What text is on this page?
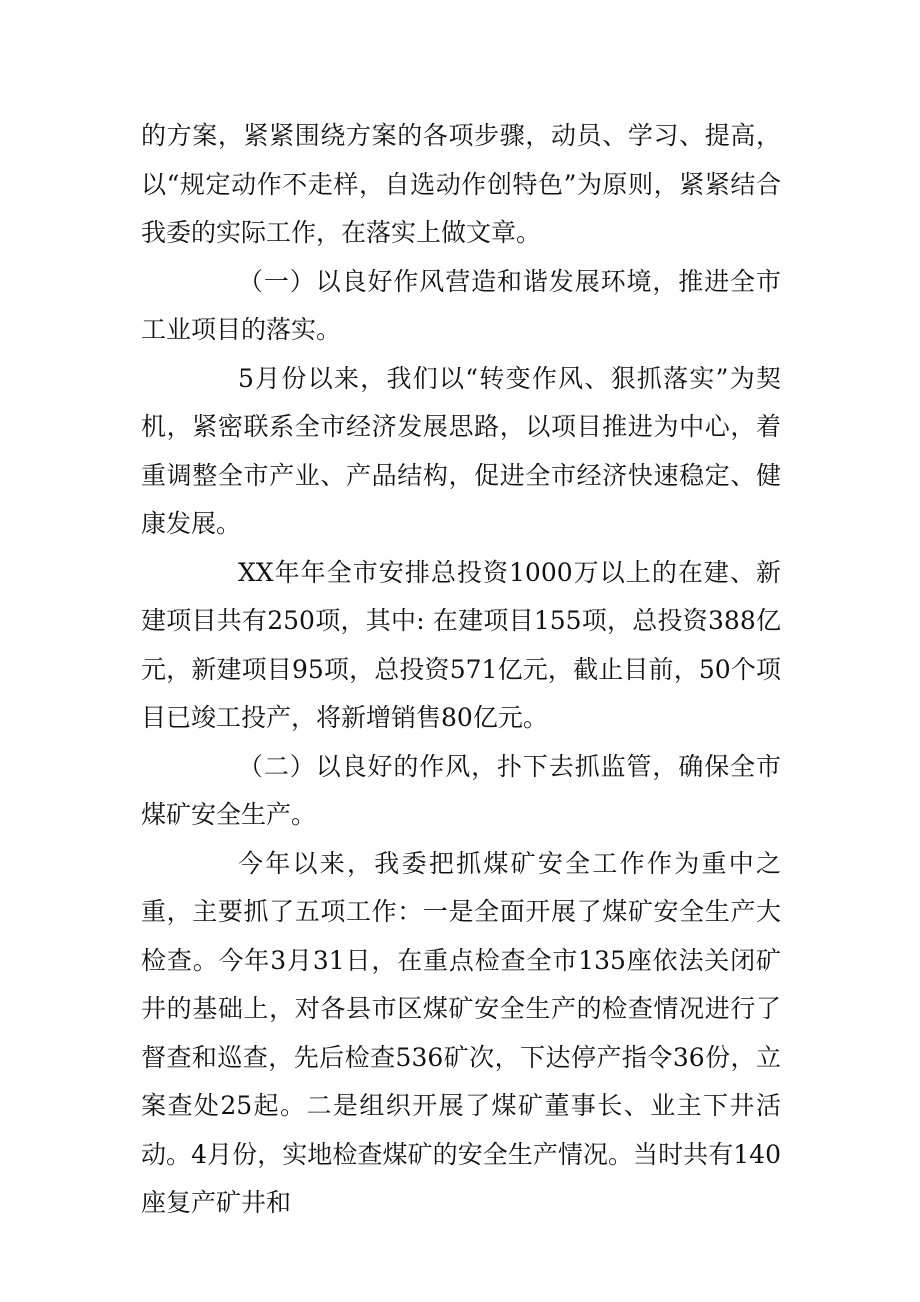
的方案，紧紧围绕方案的各项步骤，动员、学习、提高，以“规定动作不走样，自选动作创特色”为原则，紧紧结合我委的实际工作，在落实上做文章。

（一）以良好作风营造和谐发展环境，推进全市工业项目的落实。

5月份以来，我们以“转变作风、狠抓落实”为契机，紧密联系全市经济发展思路，以项目推进为中心，着重调整全市产业、产品结构，促进全市经济快速稳定、健康发展。

XX年年全市安排总投资1000万以上的在建、新建项目共有250项，其中: 在建项目155项，总投资388亿元，新建项目95项，总投资571亿元，截止目前，50个项目已竣工投产，将新增销售80亿元。

（二）以良好的作风，扑下去抓监管，确保全市煤矿安全生产。

今年以来，我委把抓煤矿安全工作作为重中之重，主要抓了五项工作：一是全面开展了煤矿安全生产大检查。今年3月31日，在重点检查全市135座依法关闭矿井的基础上，对各县市区煤矿安全生产的检查情况进行了督查和巡查，先后检查536矿次，下达停产指令36份，立案查处25起。二是组织开展了煤矿董事长、业主下井活动。4月份，实地检查煤矿的安全生产情况。当时共有140座复产矿井和
